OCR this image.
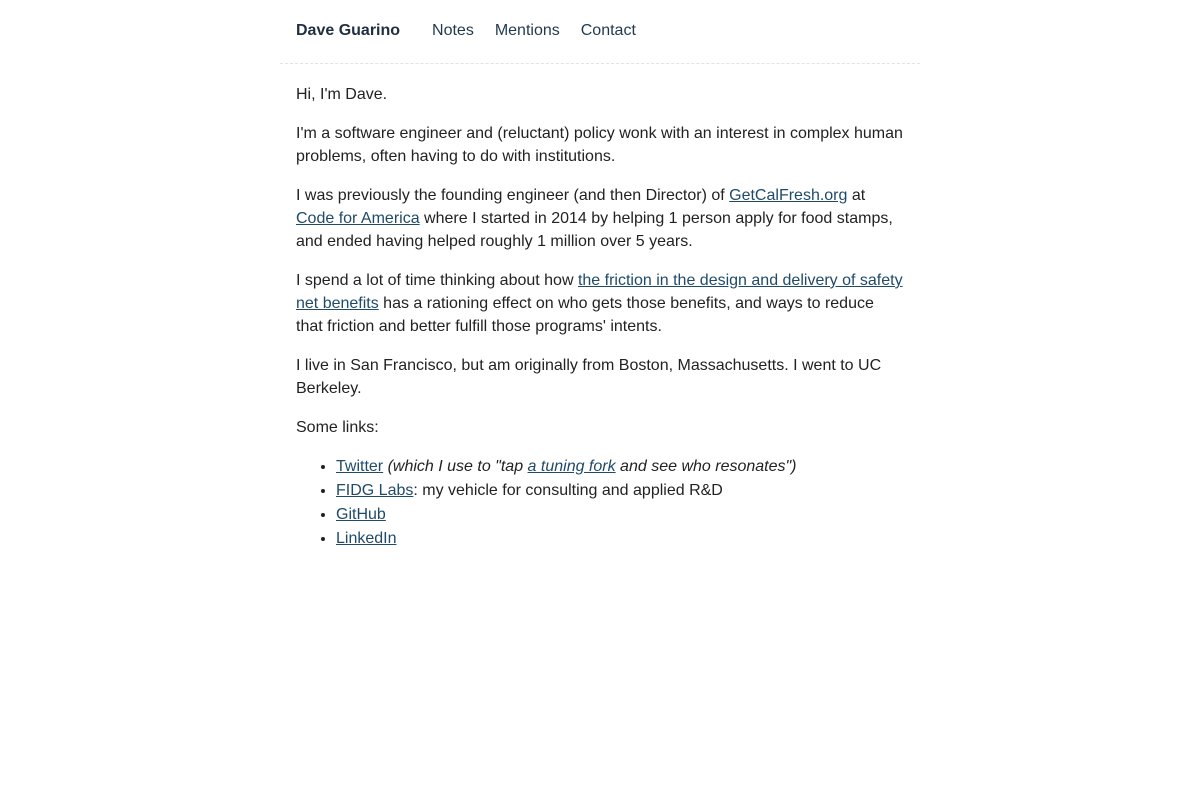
Dave Guarino Notes Mentions Contact

Hi, I'm Dave.

I'm a software engineer and (reluctant) policy wonk with an interest in complex human problems, often having to do with institutions.

I was previously the founding engineer (and then Director) of GetCalFresh.org at Code for America where I started in 2014 by helping 1 person apply for food stamps, and ended having helped roughly 1 million over 5 years.

I spend a lot of time thinking about how the friction in the design and delivery of safety net benefits has a rationing effect on who gets those benefits, and ways to reduce that friction and better fulfill those programs' intents.

I live in San Francisco, but am originally from Boston, Massachusetts. I went to UC Berkeley.

Some links:

• Twitter (which I use to "tap a tuning fork and see who resonates")
• FIDG Labs: my vehicle for consulting and applied R&D
• GitHub
• LinkedIn
